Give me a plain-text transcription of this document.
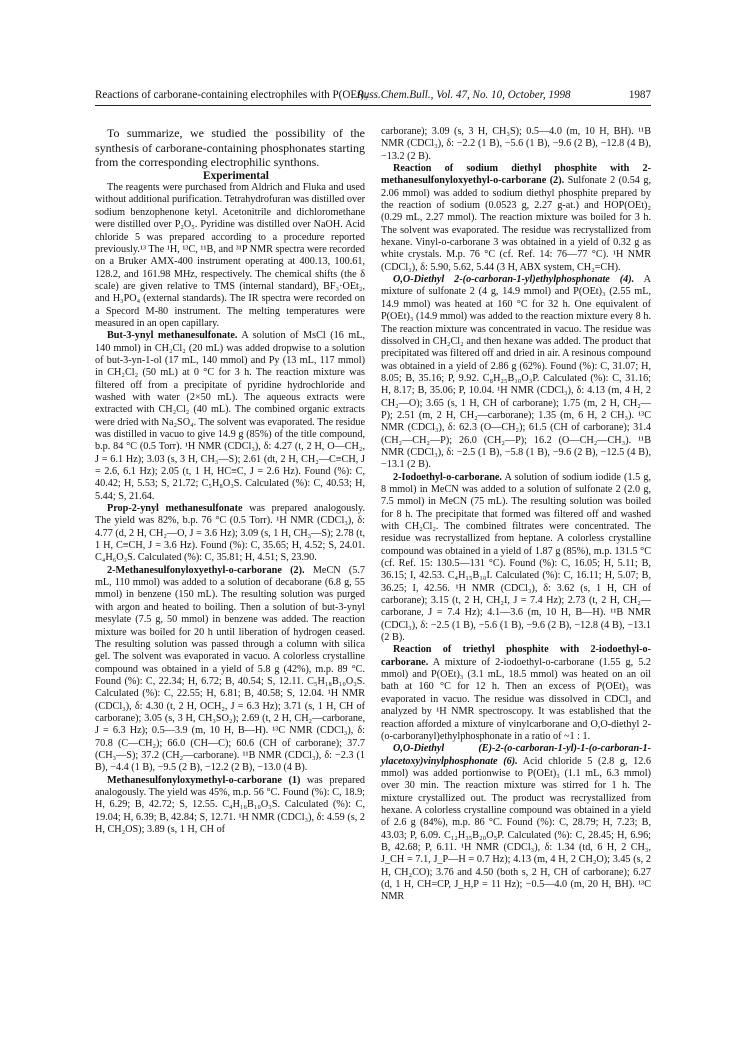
Reactions of carborane-containing electrophiles with P(OEt)₃
Russ.Chem.Bull., Vol. 47, No. 10, October, 1998	1987

To summarize, we studied the possibility of the synthesis of carborane-containing phosphonates starting from the corresponding electrophilic synthons.

Experimental

The reagents were purchased from Aldrich and Fluka and used without additional purification. Tetrahydrofuran was distilled over sodium benzophenone ketyl. Acetonitrile and dichloromethane were distilled over P₂O₅. Pyridine was distilled over NaOH. Acid chloride 5 was prepared according to a procedure reported previously.¹³ The ¹H, ¹³C, ¹¹B, and ³¹P NMR spectra were recorded on a Bruker AMX-400 instrument operating at 400.13, 100.61, 128.2, and 161.98 MHz, respectively. The chemical shifts (the δ scale) are given relative to TMS (internal standard), BF₃·OEt₂, and H₃PO₄ (external standards). The IR spectra were recorded on a Specord M-80 instrument. The melting temperatures were measured in an open capillary.

But-3-ynyl methanesulfonate. A solution of MsCl (16 mL, 140 mmol) in CH₂Cl₂ (20 mL) was added dropwise to a solution of but-3-yn-1-ol (17 mL, 140 mmol) and Py (13 mL, 117 mmol) in CH₂Cl₂ (50 mL) at 0 °C for 3 h. The reaction mixture was filtered off from a precipitate of pyridine hydrochloride and washed with water (2×50 mL). The aqueous extracts were extracted with CH₂Cl₂ (40 mL). The combined organic extracts were dried with Na₂SO₄. The solvent was evaporated. The residue was distilled in vacuo to give 14.9 g (85%) of the title compound, b.p. 84 °C (0.5 Torr). ¹H NMR (CDCl₃), δ: 4.27 (t, 2 H, O—CH₂, J = 6.1 Hz); 3.03 (s, 3 H, CH₃—S); 2.61 (dt, 2 H, CH₂—C≡CH, J = 2.6, 6.1 Hz); 2.05 (t, 1 H, HC≡C, J = 2.6 Hz). Found (%): C, 40.42; H, 5.53; S, 21.72; C₅H₈O₃S. Calculated (%): C, 40.53; H, 5.44; S, 21.64.

Prop-2-ynyl methanesulfonate was prepared analogously. The yield was 82%, b.p. 76 °C (0.5 Torr). ¹H NMR (CDCl₃), δ: 4.77 (d, 2 H, CH₂—O, J = 3.6 Hz); 3.09 (s, 1 H, CH₃—S); 2.78 (t, 1 H, C≡CH, J = 3.6 Hz). Found (%): C, 35.65; H, 4.52; S, 24.01. C₄H₆O₃S. Calculated (%): C, 35.81; H, 4.51; S, 23.90.

2-Methanesulfonyloxyethyl-o-carborane (2). MeCN (5.7 mL, 110 mmol) was added to a solution of decaborane (6.8 g, 55 mmol) in benzene (150 mL). The resulting solution was purged with argon and heated to boiling. Then a solution of but-3-ynyl mesylate (7.5 g, 50 mmol) in benzene was added. The reaction mixture was boiled for 20 h until liberation of hydrogen ceased. The resulting solution was passed through a column with silica gel. The solvent was evaporated in vacuo. A colorless crystalline compound was obtained in a yield of 5.8 g (42%), m.p. 89 °C. Found (%): C, 22.34; H, 6.72; B, 40.54; S, 12.11. C₅H₁₈B₁₀O₃S. Calculated (%): C, 22.55; H, 6.81; B, 40.58; S, 12.04. ¹H NMR (CDCl₃), δ: 4.30 (t, 2 H, OCH₂, J = 6.3 Hz); 3.71 (s, 1 H, CH of carborane); 3.05 (s, 3 H, CH₃SO₂); 2.69 (t, 2 H, CH₂—carborane, J = 6.3 Hz); 0.5—3.9 (m, 10 H, B—H). ¹³C NMR (CDCl₃), δ: 70.8 (C—CH₂); 66.0 (CH—C); 60.6 (CH of carborane); 37.7 (CH₃—S); 37.2 (CH₂—carborane). ¹¹B NMR (CDCl₃), δ: −2.3 (1 B), −4.4 (1 B), −9.5 (2 B), −12.2 (2 B), −13.0 (4 B).

Methanesulfonyloxymethyl-o-carborane (1) was prepared analogously. The yield was 45%, m.p. 56 °C. Found (%): C, 18.9; H, 6.29; B, 42.72; S, 12.55. C₄H₁₆B₁₀O₃S. Calculated (%): C, 19.04; H, 6.39; B, 42.84; S, 12.71. ¹H NMR (CDCl₃), δ: 4.59 (s, 2 H, CH₂OS); 3.89 (s, 1 H, CH of

carborane); 3.09 (s, 3 H, CH₃S); 0.5—4.0 (m, 10 H, BH). ¹¹B NMR (CDCl₃), δ: −2.2 (1 B), −5.6 (1 B), −9.6 (2 B), −12.8 (4 B), −13.2 (2 B).

Reaction of sodium diethyl phosphite with 2-methanesulfonyloxyethyl-o-carborane (2). Sulfonate 2 (0.54 g, 2.06 mmol) was added to sodium diethyl phosphite prepared by the reaction of sodium (0.0523 g, 2.27 g-at.) and HOP(OEt)₂ (0.29 mL, 2.27 mmol). The reaction mixture was boiled for 3 h. The solvent was evaporated. The residue was recrystallized from hexane. Vinyl-o-carborane 3 was obtained in a yield of 0.32 g as white crystals. M.p. 76 °C (cf. Ref. 14: 76—77 °C). ¹H NMR (CDCl₃), δ: 5.90, 5.62, 5.44 (3 H, ABX system, CH₂=CH).

O,O-Diethyl 2-(o-carboran-1-yl)ethylphosphonate (4). A mixture of sulfonate 2 (4 g, 14.9 mmol) and P(OEt)₃ (2.55 mL, 14.9 mmol) was heated at 160 °C for 32 h. One equivalent of P(OEt)₃ (14.9 mmol) was added to the reaction mixture every 8 h. The reaction mixture was concentrated in vacuo. The residue was dissolved in CH₂Cl₂ and then hexane was added. The product that precipitated was filtered off and dried in air. A resinous compound was obtained in a yield of 2.86 g (62%). Found (%): C, 31.07; H, 8.05; B, 35.16; P, 9.92. C₈H₂₅B₁₀O₃P. Calculated (%): C, 31.16; H, 8.17; B, 35.06; P, 10.04. ¹H NMR (CDCl₃), δ: 4.13 (m, 4 H, 2 CH₂—O); 3.65 (s, 1 H, CH of carborane); 1.75 (m, 2 H, CH₂—P); 2.51 (m, 2 H, CH₂—carborane); 1.35 (m, 6 H, 2 CH₃). ¹³C NMR (CDCl₃), δ: 62.3 (O—CH₂); 61.5 (CH of carborane); 31.4 (CH₂—CH₂—P); 26.0 (CH₂—P); 16.2 (O—CH₂—CH₃). ¹¹B NMR (CDCl₃), δ: −2.5 (1 B), −5.8 (1 B), −9.6 (2 B), −12.5 (4 B), −13.1 (2 B).

2-Iodoethyl-o-carborane. A solution of sodium iodide (1.5 g, 8 mmol) in MeCN was added to a solution of sulfonate 2 (2.0 g, 7.5 mmol) in MeCN (75 mL). The resulting solution was boiled for 8 h. The precipitate that formed was filtered off and washed with CH₂Cl₂. The combined filtrates were concentrated. The residue was recrystallized from heptane. A colorless crystalline compound was obtained in a yield of 1.87 g (85%), m.p. 131.5 °C (cf. Ref. 15: 130.5—131 °C). Found (%): C, 16.05; H, 5.11; B, 36.15; I, 42.53. C₄H₁₅B₁₀I. Calculated (%): C, 16.11; H, 5.07; B, 36.25; I, 42.56. ¹H NMR (CDCl₃), δ: 3.62 (s, 1 H, CH of carborane); 3.15 (t, 2 H, CH₂I, J = 7.4 Hz); 2.73 (t, 2 H, CH₂—carborane, J = 7.4 Hz); 4.1—3.6 (m, 10 H, B—H). ¹¹B NMR (CDCl₃), δ: −2.5 (1 B), −5.6 (1 B), −9.6 (2 B), −12.8 (4 B), −13.1 (2 B).

Reaction of triethyl phosphite with 2-iodoethyl-o-carborane. A mixture of 2-iodoethyl-o-carborane (1.55 g, 5.2 mmol) and P(OEt)₃ (3.1 mL, 18.5 mmol) was heated on an oil bath at 160 °C for 12 h. Then an excess of P(OEt)₃ was evaporated in vacuo. The residue was dissolved in CDCl₃ and analyzed by ¹H NMR spectroscopy. It was established that the reaction afforded a mixture of vinylcarborane and O,O-diethyl 2-(o-carboranyl)ethylphosphonate in a ratio of ~1 : 1.

O,O-Diethyl (E)-2-(o-carboran-1-yl)-1-(o-carboran-1-ylacetoxy)vinylphosphonate (6). Acid chloride 5 (2.8 g, 12.6 mmol) was added portionwise to P(OEt)₃ (1.1 mL, 6.3 mmol) over 30 min. The reaction mixture was stirred for 1 h. The mixture crystallized out. The product was recrystallized from hexane. A colorless crystalline compound was obtained in a yield of 2.6 g (84%), m.p. 86 °C. Found (%): C, 28.79; H, 7.23; B, 43.03; P, 6.09. C₁₂H₃₅B₂₀O₅P. Calculated (%): C, 28.45; H, 6.96; B, 42.68; P, 6.11. ¹H NMR (CDCl₃), δ: 1.34 (td, 6 H, 2 CH₃, J_CH = 7.1, J_P—H = 0.7 Hz); 4.13 (m, 4 H, 2 CH₂O); 3.45 (s, 2 H, CH₂CO); 3.76 and 4.50 (both s, 2 H, CH of carborane); 6.27 (d, 1 H, CH=CP, J_H,P = 11 Hz); −0.5—4.0 (m, 20 H, BH). ¹³C NMR
